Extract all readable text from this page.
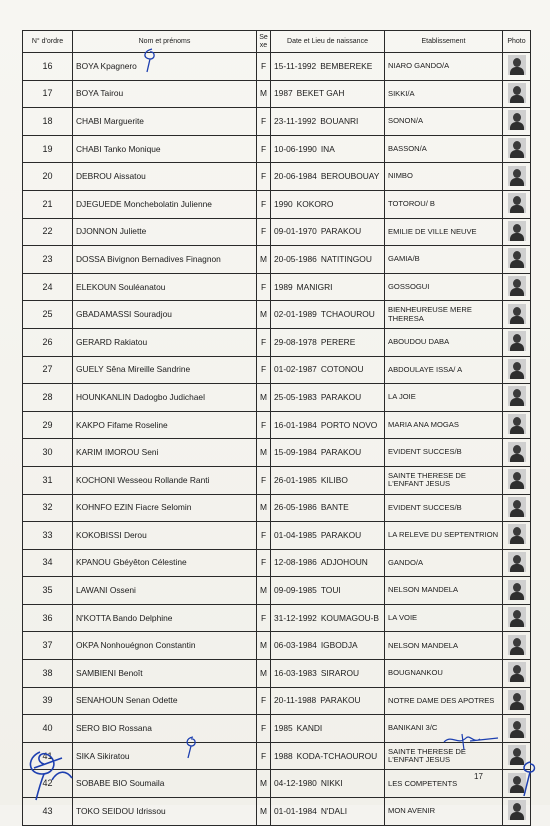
N° d'ordre	Nom et prénoms	Se xe	Date et Lieu de naissance	Etablissement	Photo
16	BOYA Kpagnero	F	15-11-1992 BEMBEREKE	NIARO GANDO/A	

17	BOYA Tairou	M	1987 BEKET GAH	SIKKI/A	

18	CHABI Marguerite	F	23-11-1992 BOUANRI	SONON/A	

19	CHABI Tanko Monique	F	10-06-1990 INA	BASSON/A	

20	DEBROU Aissatou	F	20-06-1984 BEROUBOUAY	NIMBO	

21	DJEGUEDE Monchebolatin Julienne	F	1990 KOKORO	TOTOROU/ B	

22	DJONNON Juliette	F	09-01-1970 PARAKOU	EMILIE DE VILLE NEUVE	

23	DOSSA Bivignon Bernadives Finagnon	M	20-05-1986 NATITINGOU	GAMIA/B	

24	ELEKOUN Souléanatou	F	1989 MANIGRI	GOSSOGUI	

25	GBADAMASSI Souradjou	M	02-01-1989 TCHAOUROU	BIENHEUREUSE MERE THERESA	

26	GERARD Rakiatou	F	29-08-1978 PERERE	ABOUDOU DABA	

27	GUELY Sêna Mireille Sandrine	F	01-02-1987 COTONOU	ABDOULAYE ISSA/ A	

28	HOUNKANLIN Dadogbo Judichael	M	25-05-1983 PARAKOU	LA JOIE	

29	KAKPO Fifame Roseline	F	16-01-1984 PORTO NOVO	MARIA ANA MOGAS	

30	KARIM IMOROU Seni	M	15-09-1984 PARAKOU	EVIDENT SUCCES/B	

31	KOCHONI Wesseou Rollande Ranti	F	26-01-1985 KILIBO	SAINTE THERESE DE L'ENFANT JESUS	

32	KOHNFO EZIN Fiacre Selomin	M	26-05-1986 BANTE	EVIDENT SUCCES/B	

33	KOKOBISSI Derou	F	01-04-1985 PARAKOU	LA RELEVE DU SEPTENTRION	

34	KPANOU Gbéyêton Célestine	F	12-08-1986 ADJOHOUN	GANDO/A	

35	LAWANI Osseni	M	09-09-1985 TOUI	NELSON MANDELA	

36	N'KOTTA Bando Delphine	F	31-12-1992 KOUMAGOU-B	LA VOIE	

37	OKPA Nonhouégnon Constantin	M	06-03-1984 IGBODJA	NELSON MANDELA	

38	SAMBIENI Benoît	M	16-03-1983 SIRAROU	BOUGNANKOU	

39	SENAHOUN Senan Odette	F	20-11-1988 PARAKOU	NOTRE DAME DES APOTRES	

40	SERO BIO Rossana	F	1985 KANDI	BANIKANI 3/C	

41	SIKA Sikiratou	F	1988 KODA-TCHAOUROU	SAINTE THERESE DE L'ENFANT JESUS	

42	SOBABE BIO Soumaila	M	04-12-1980 NIKKI	LES COMPETENTS	

43	TOKO SEIDOU Idrissou	M	01-01-1984 N'DALI	MON AVENIR	
17
